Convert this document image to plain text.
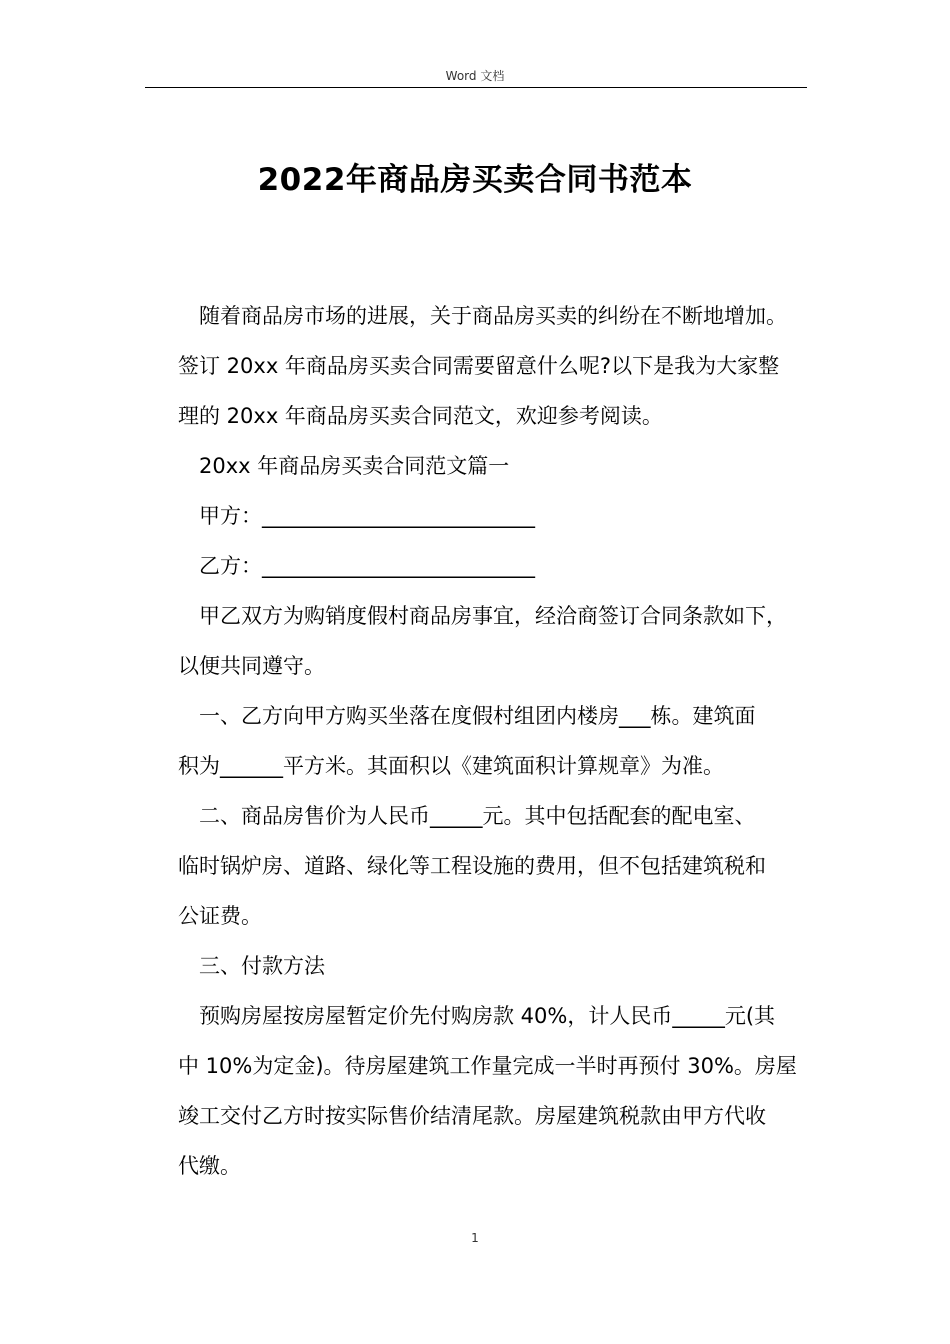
Word 文档
2022年商品房买卖合同书范本
随着商品房市场的进展，关于商品房买卖的纠纷在不断地增加。
签订 20xx 年商品房买卖合同需要留意什么呢?以下是我为大家整
理的 20xx 年商品房买卖合同范文，欢迎参考阅读。
20xx 年商品房买卖合同范文篇一
甲方：__________________________
乙方：__________________________
甲乙双方为购销度假村商品房事宜，经洽商签订合同条款如下，
以便共同遵守。
一、乙方向甲方购买坐落在度假村组团内楼房___栋。建筑面
积为______平方米。其面积以《建筑面积计算规章》为准。
二、商品房售价为人民币_____元。其中包括配套的配电室、
临时锅炉房、道路、绿化等工程设施的费用，但不包括建筑税和
公证费。
三、付款方法
预购房屋按房屋暂定价先付购房款 40%，计人民币_____元(其
中 10%为定金)。待房屋建筑工作量完成一半时再预付 30%。房屋
竣工交付乙方时按实际售价结清尾款。房屋建筑税款由甲方代收
代缴。
1
